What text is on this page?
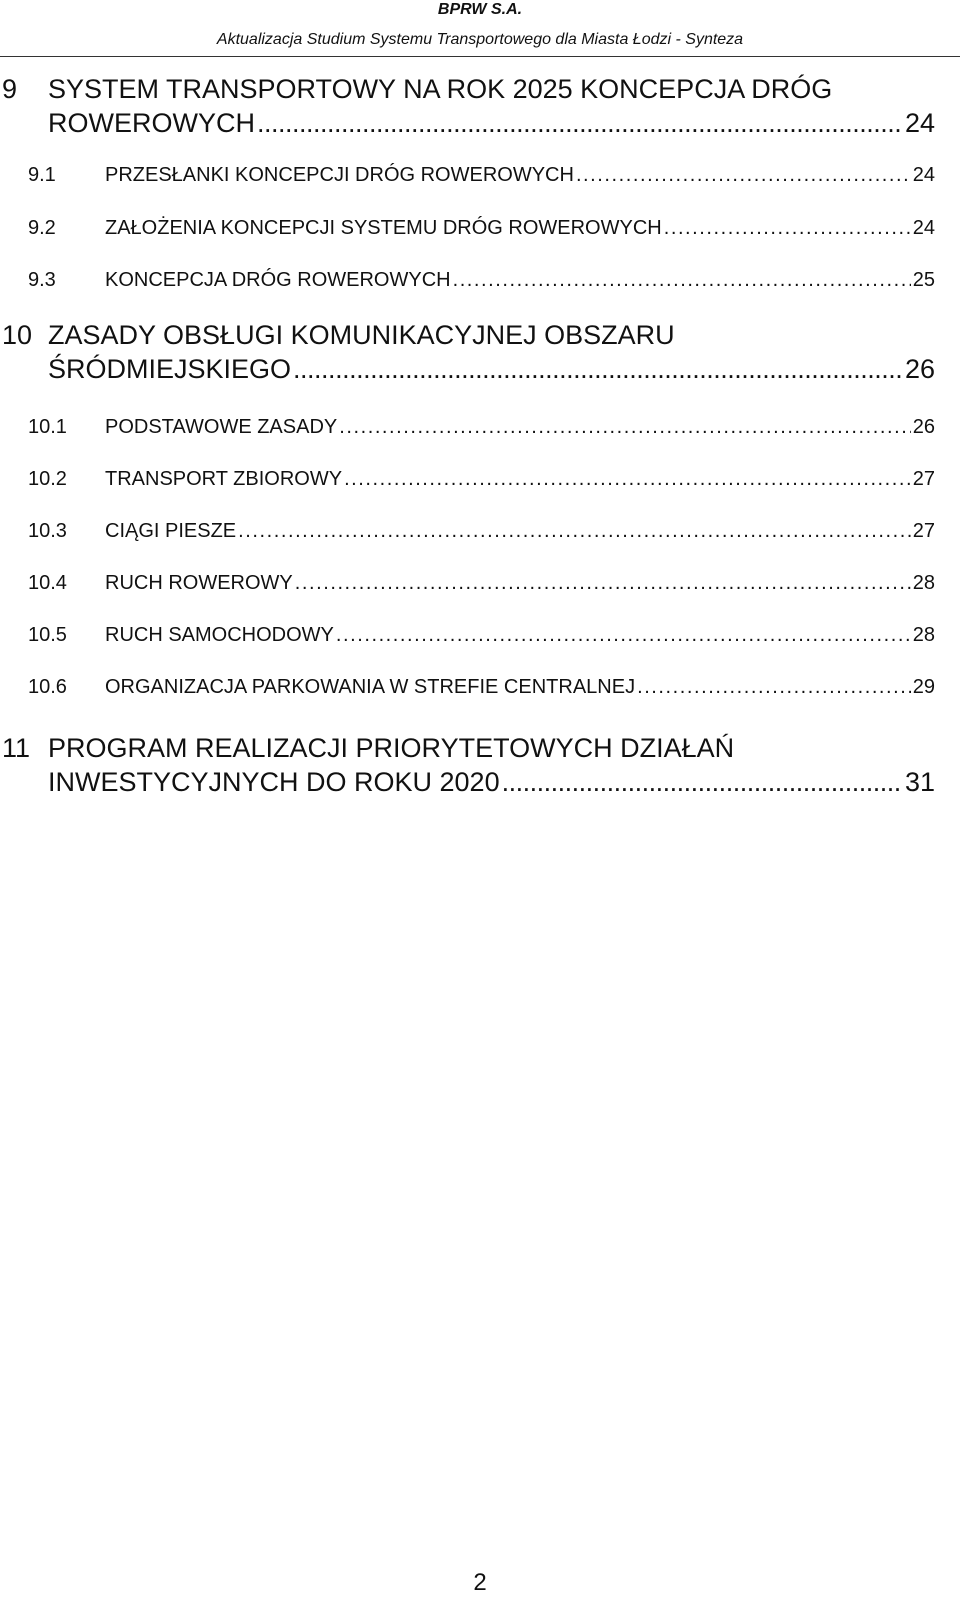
BPRW S.A.
Aktualizacja Studium Systemu Transportowego dla Miasta Łodzi - Synteza
9 SYSTEM TRANSPORTOWY NA ROK 2025 KONCEPCJA DRÓG
ROWEROWYCH . . .	24
9.1 PRZESŁANKI KONCEPCJI DRÓG ROWEROWYCH . . .	24
9.2 ZAŁOŻENIA KONCEPCJI SYSTEMU DRÓG ROWEROWYCH . . .	24
9.3 KONCEPCJA DRÓG ROWEROWYCH . . .	25
10 ZASADY OBSŁUGI KOMUNIKACYJNEJ OBSZARU
ŚRÓDMIEJSKIEGO . . .	26
10.1 PODSTAWOWE ZASADY . . .	26
10.2 TRANSPORT ZBIOROWY . . .	27
10.3 CIĄGI PIESZE . . .	27
10.4 RUCH ROWEROWY . . .	28
10.5 RUCH SAMOCHODOWY . . .	28
10.6 ORGANIZACJA PARKOWANIA W STREFIE CENTRALNEJ . . .	29
11 PROGRAM REALIZACJI PRIORYTETOWYCH DZIAŁAŃ
INWESTYCYJNYCH DO ROKU 2020 . . .	31
2
